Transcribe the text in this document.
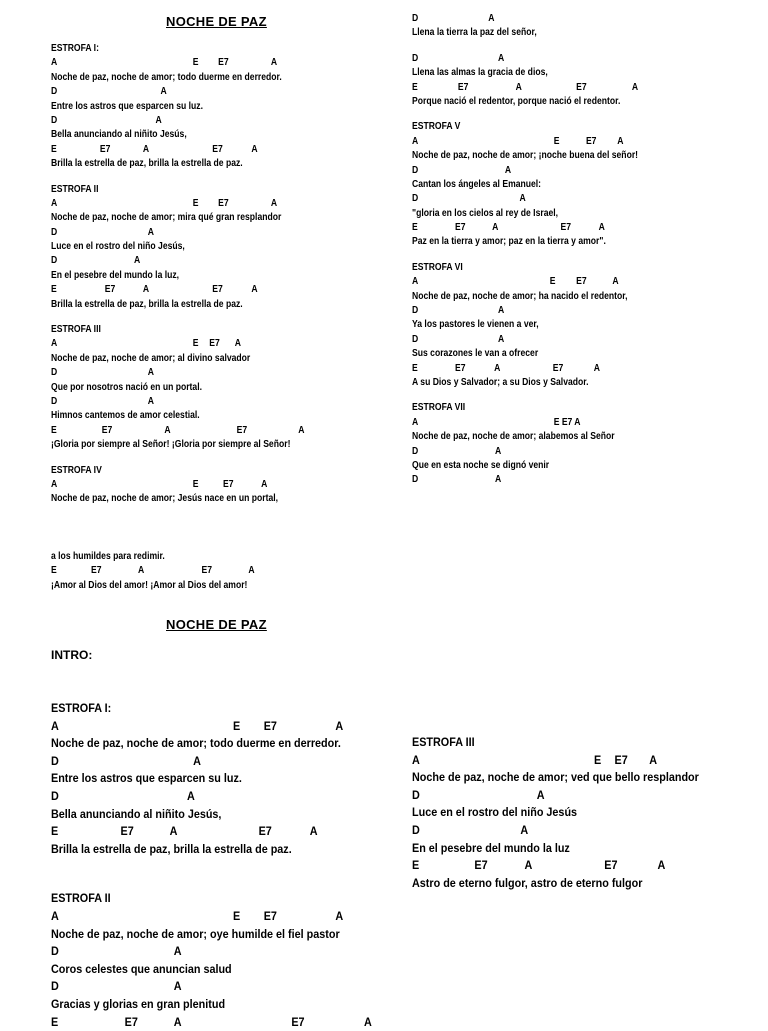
NOCHE DE PAZ
ESTROFA I:
A	E E7	A
Noche de paz, noche de amor; todo duerme en derredor.
D	A
Entre los astros que esparcen su luz.
D	A
Bella anunciando al niñito Jesús,
E	E7	A	E7	A
Brilla la estrella de paz, brilla la estrella de paz.
ESTROFA II
A	E E7	A
Noche de paz, noche de amor; mira qué gran resplandor
D	A
Luce en el rostro del niño Jesús,
D	A
En el pesebre del mundo la luz,
E	E7	A	E7	A
Brilla la estrella de paz, brilla la estrella de paz.
ESTROFA III
A	E E7 A
Noche de paz, noche de amor; al divino salvador
D	A
Que por nosotros nació en un portal.
D	A
Himnos cantemos de amor celestial.
E	E7	A	E7	A
¡Gloria por siempre al Señor! ¡Gloria por siempre al Señor!
ESTROFA IV
A	E E7	A
Noche de paz, noche de amor; Jesús nace en un portal,
a los humildes para redimir.
E	E7	A	E7	A
¡Amor al Dios del amor! ¡Amor al Dios del amor!
D	A
Llena la tierra la paz del señor,
D	A
Llena las almas la gracia de dios,
E	E7	A	E7	A
Porque nació el redentor, porque nació el redentor.
ESTROFA V
A	E	E7 A
Noche de paz, noche de amor; ¡noche buena del señor!
D	A
Cantan los ángeles al Emanuel:
D	A
"gloria en los cielos al rey de Israel,
E	E7	A	E7	A
Paz en la tierra y amor; paz en la tierra y amor".
ESTROFA VI
A	E E7	A
Noche de paz, noche de amor; ha nacido el redentor,
D	A
Ya los pastores le vienen a ver,
D	A
Sus corazones le van a ofrecer
E	E7	A	E7	A
A su Dios y Salvador; a su Dios y Salvador.
ESTROFA VII
A	E E7 A
Noche de paz, noche de amor; alabemos al Señor
D	A
Que en esta noche se dignó venir
D	A
NOCHE DE PAZ
INTRO:
ESTROFA I:
A	E E7	A
Noche de paz, noche de amor; todo duerme en derredor.
D	A
Entre los astros que esparcen su luz.
D	A
Bella anunciando al niñito Jesús,
E	E7	A	E7	A
Brilla la estrella de paz, brilla la estrella de paz.
ESTROFA II
A	E E7	A
Noche de paz, noche de amor; oye humilde el fiel pastor
D	A
Coros celestes que anuncian salud
D	A
Gracias y glorias en gran plenitud
E	E7	A	E7	A
ESTROFA III
A	E E7 A
Noche de paz, noche de amor; ved que bello resplandor
D	A
Luce en el rostro del niño Jesús
D	A
En el pesebre del mundo la luz
E	E7	A	E7	A
Astro de eterno fulgor, astro de eterno fulgor
